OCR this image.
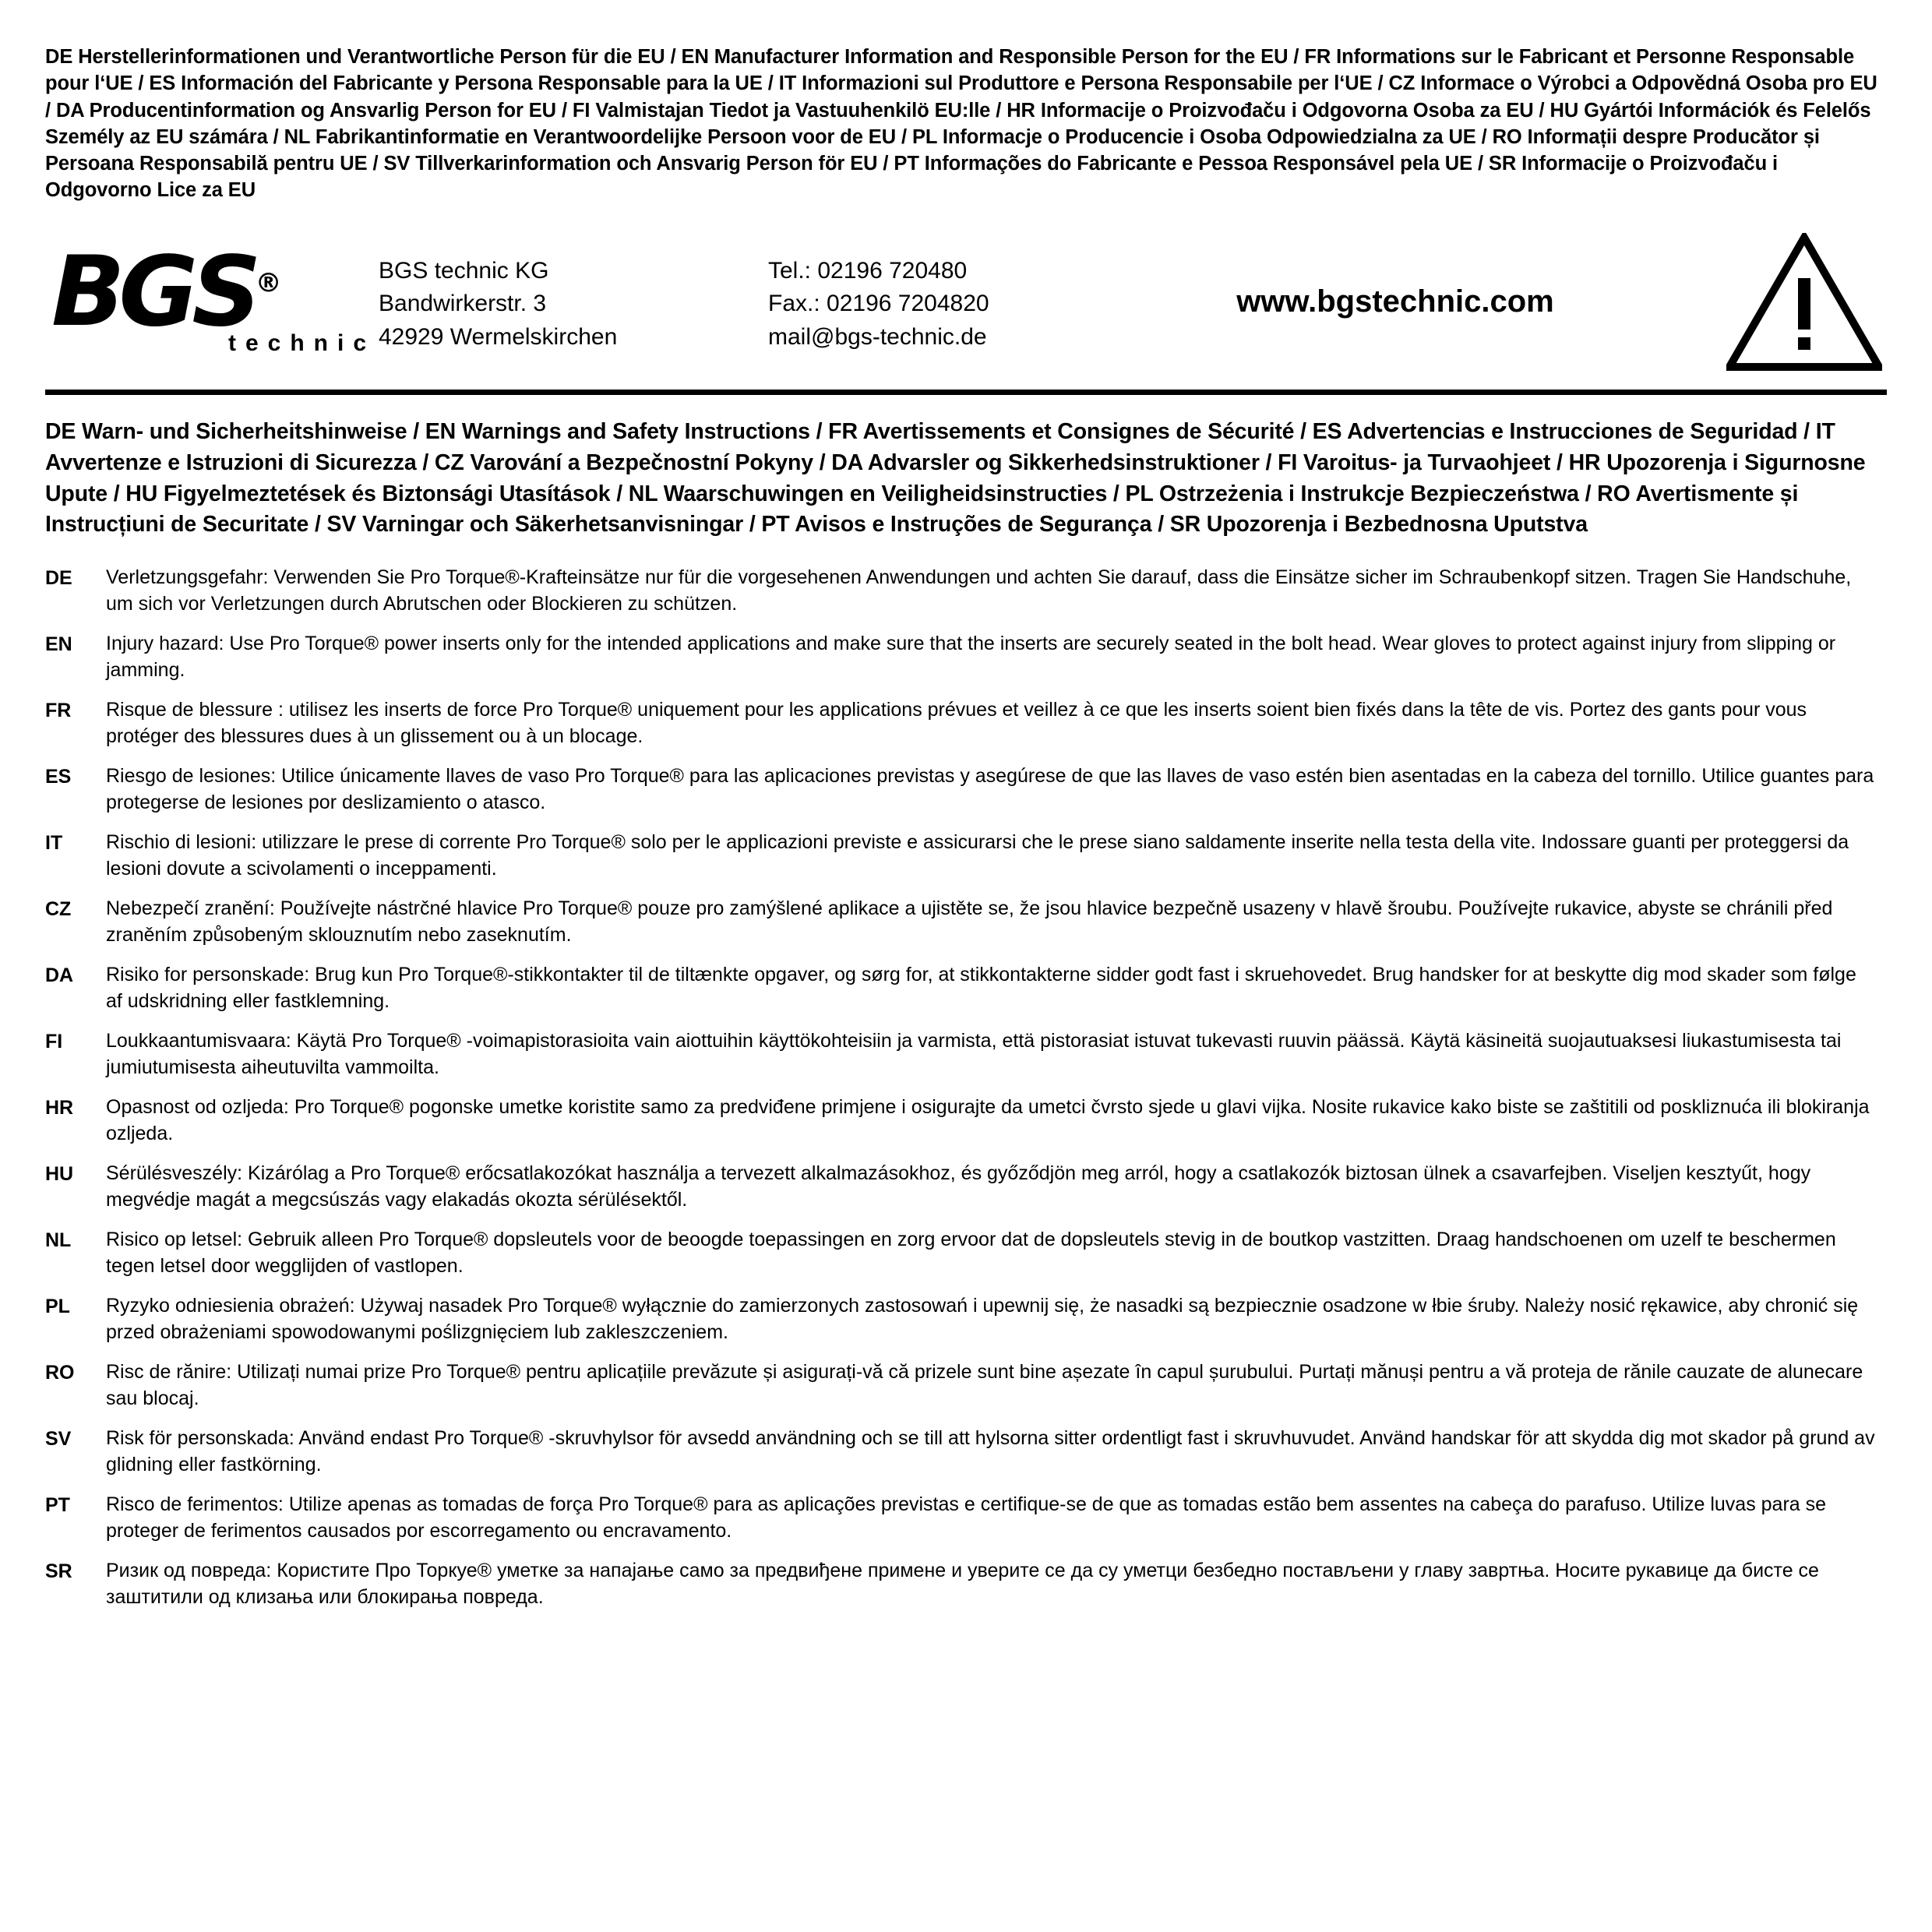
DE Herstellerinformationen und Verantwortliche Person für die EU / EN Manufacturer Information and Responsible Person for the EU / FR Informations sur le Fabricant et Personne Responsable pour l‘UE / ES Información del Fabricante y Persona Responsable para la UE / IT Informazioni sul Produttore e Persona Responsabile per l‘UE / CZ Informace o Výrobci a Odpovědná Osoba pro EU / DA Producentinformation og Ansvarlig Person for EU / FI Valmistajan Tiedot ja Vastuuhenkilö EU:lle / HR Informacije o Proizvođaču i Odgovorna Osoba za EU / HU Gyártói Információk és Felelős Személy az EU számára / NL Fabrikantinformatie en Verantwoordelijke Persoon voor de EU / PL Informacje o Producencie i Osoba Odpowiedzialna za UE / RO Informații despre Producător și Persoana Responsabilă pentru UE / SV Tillverkarinformation och Ansvarig Person för EU / PT Informações do Fabricante e Pessoa Responsável pela UE / SR Informacije o Proizvođaču i Odgovorno Lice za EU
BGS®
technic
BGS technic KG
Bandwirkerstr. 3
42929 Wermelskirchen
Tel.: 02196 720480
Fax.: 02196 7204820
mail@bgs-technic.de
www.bgstechnic.com
DE Warn- und Sicherheitshinweise / EN Warnings and Safety Instructions / FR Avertissements et Consignes de Sécurité / ES Advertencias e Instrucciones de Seguridad / IT Avvertenze e Istruzioni di Sicurezza / CZ Varování a Bezpečnostní Pokyny / DA Advarsler og Sikkerhedsinstruktioner / FI Varoitus- ja Turvaohjeet / HR Upozorenja i Sigurnosne Upute / HU Figyelmeztetések és Biztonsági Utasítások / NL Waarschuwingen en Veiligheidsinstructies / PL Ostrzeżenia i Instrukcje Bezpieczeństwa / RO Avertismente și Instrucțiuni de Securitate / SV Varningar och Säkerhetsanvisningar / PT Avisos e Instruções de Segurança / SR Upozorenja i Bezbednosna Uputstva
DE	Verletzungsgefahr: Verwenden Sie Pro Torque®-Krafteinsätze nur für die vorgesehenen Anwendungen und achten Sie darauf, dass die Einsätze sicher im Schraubenkopf sitzen. Tragen Sie Handschuhe, um sich vor Verletzungen durch Abrutschen oder Blockieren zu schützen.
EN	Injury hazard: Use Pro Torque® power inserts only for the intended applications and make sure that the inserts are securely seated in the bolt head. Wear gloves to protect against injury from slipping or jamming.
FR	Risque de blessure : utilisez les inserts de force Pro Torque® uniquement pour les applications prévues et veillez à ce que les inserts soient bien fixés dans la tête de vis. Portez des gants pour vous protéger des blessures dues à un glissement ou à un blocage.
ES	Riesgo de lesiones: Utilice únicamente llaves de vaso Pro Torque® para las aplicaciones previstas y asegúrese de que las llaves de vaso estén bien asentadas en la cabeza del tornillo. Utilice guantes para protegerse de lesiones por deslizamiento o atasco.
IT	Rischio di lesioni: utilizzare le prese di corrente Pro Torque® solo per le applicazioni previste e assicurarsi che le prese siano saldamente inserite nella testa della vite. Indossare guanti per proteggersi da lesioni dovute a scivolamenti o inceppamenti.
CZ	Nebezpečí zranění: Používejte nástrčné hlavice Pro Torque® pouze pro zamýšlené aplikace a ujistěte se, že jsou hlavice bezpečně usazeny v hlavě šroubu. Používejte rukavice, abyste se chránili před zraněním způsobeným sklouznutím nebo zaseknutím.
DA	Risiko for personskade: Brug kun Pro Torque®-stikkontakter til de tiltænkte opgaver, og sørg for, at stikkontakterne sidder godt fast i skruehovedet. Brug handsker for at beskytte dig mod skader som følge af udskridning eller fastklemning.
FI	Loukkaantumisvaara: Käytä Pro Torque® -voimapistorasioita vain aiottuihin käyttökohteisiin ja varmista, että pistorasiat istuvat tukevasti ruuvin päässä. Käytä käsineitä suojautuaksesi liukastumisesta tai jumiutumisesta aiheutuvilta vammoilta.
HR	Opasnost od ozljeda: Pro Torque® pogonske umetke koristite samo za predviđene primjene i osigurajte da umetci čvrsto sjede u glavi vijka. Nosite rukavice kako biste se zaštitili od poskliznuća ili blokiranja ozljeda.
HU	Sérülésveszély: Kizárólag a Pro Torque® erőcsatlakozókat használja a tervezett alkalmazásokhoz, és győződjön meg arról, hogy a csatlakozók biztosan ülnek a csavarfejben. Viseljen kesztyűt, hogy megvédje magát a megcsúszás vagy elakadás okozta sérülésektől.
NL	Risico op letsel: Gebruik alleen Pro Torque® dopsleutels voor de beoogde toepassingen en zorg ervoor dat de dopsleutels stevig in de boutkop vastzitten. Draag handschoenen om uzelf te beschermen tegen letsel door wegglijden of vastlopen.
PL	Ryzyko odniesienia obrażeń: Używaj nasadek Pro Torque® wyłącznie do zamierzonych zastosowań i upewnij się, że nasadki są bezpiecznie osadzone w łbie śruby. Należy nosić rękawice, aby chronić się przed obrażeniami spowodowanymi poślizgnięciem lub zakleszczeniem.
RO	Risc de rănire: Utilizați numai prize Pro Torque® pentru aplicațiile prevăzute și asigurați-vă că prizele sunt bine așezate în capul șurubului. Purtați mănuși pentru a vă proteja de rănile cauzate de alunecare sau blocaj.
SV	Risk för personskada: Använd endast Pro Torque® -skruvhylsor för avsedd användning och se till att hylsorna sitter ordentligt fast i skruvhuvudet. Använd handskar för att skydda dig mot skador på grund av glidning eller fastkörning.
PT	Risco de ferimentos: Utilize apenas as tomadas de força Pro Torque® para as aplicações previstas e certifique-se de que as tomadas estão bem assentes na cabeça do parafuso. Utilize luvas para se proteger de ferimentos causados por escorregamento ou encravamento.
SR	Ризик од повреда: Користите Про Торкуе® уметке за напајање само за предвиђене примене и уверите се да су уметци безбедно постављени у главу завртња. Носите рукавице да бисте се заштитили од клизања или блокирања повреда.
